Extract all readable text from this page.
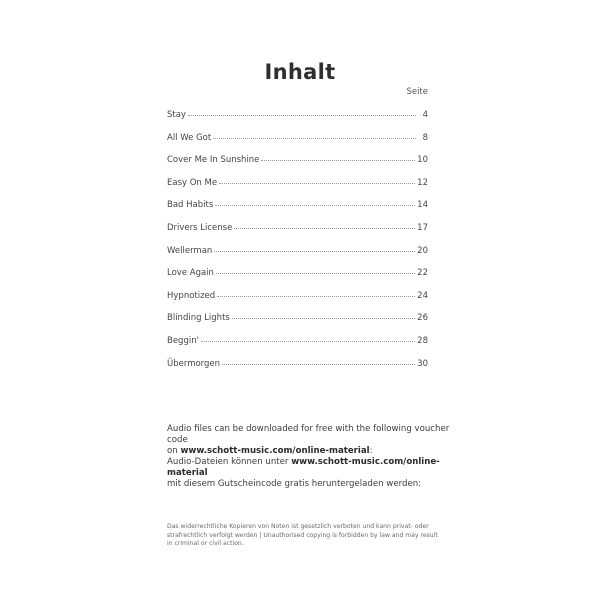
Inhalt
Seite
Stay	4
All We Got	8
Cover Me In Sunshine	10
Easy On Me	12
Bad Habits	14
Drivers License	17
Wellerman	20
Love Again	22
Hypnotized	24
Blinding Lights	26
Beggin'	28
Übermorgen	30
Audio files can be downloaded for free with the following voucher code
on www.schott-music.com/online-material:
Audio-Dateien können unter www.schott-music.com/online-material
mit diesem Gutscheincode gratis heruntergeladen werden:
Das widerrechtliche Kopieren von Noten ist gesetzlich verboten und kann privat- oder strafrechtlich verfolgt werden | Unauthorised copying is forbidden by law and may result in criminal or civil action.
